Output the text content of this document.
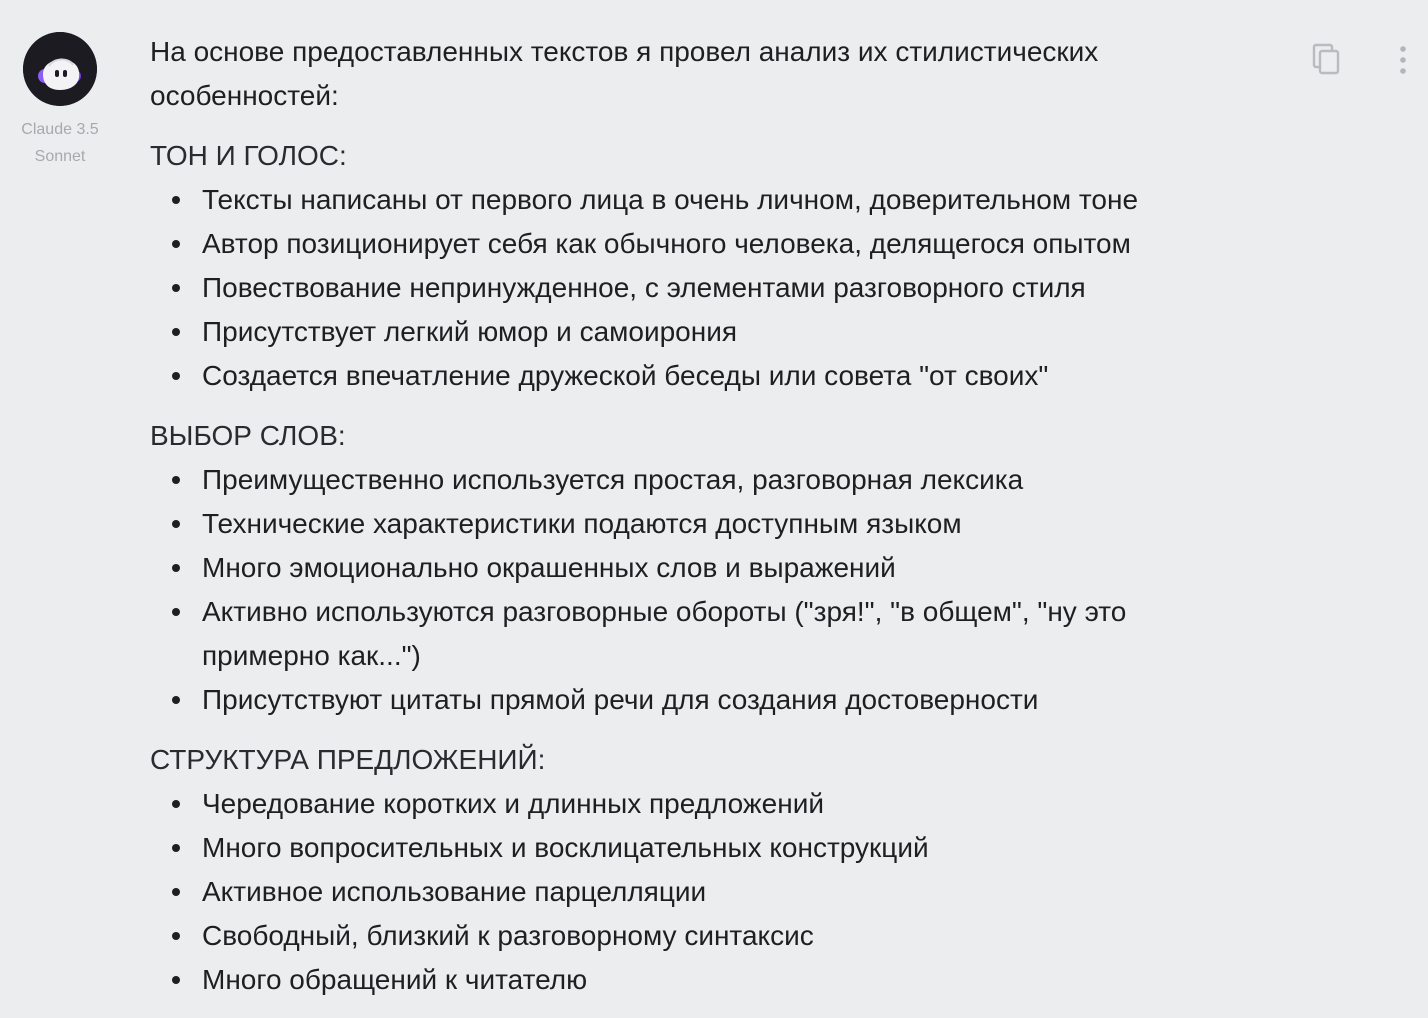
Claude 3.5
Sonnet

На основе предоставленных текстов я провел анализ их стилистических особенностей:

ТОН И ГОЛОС:
Тексты написаны от первого лица в очень личном, доверительном тоне
Автор позиционирует себя как обычного человека, делящегося опытом
Повествование непринужденное, с элементами разговорного стиля
Присутствует легкий юмор и самоирония
Создается впечатление дружеской беседы или совета "от своих"
ВЫБОР СЛОВ:
Преимущественно используется простая, разговорная лексика
Технические характеристики подаются доступным языком
Много эмоционально окрашенных слов и выражений
Активно используются разговорные обороты ("зря!", "в общем", "ну это примерно как...")
Присутствуют цитаты прямой речи для создания достоверности
СТРУКТУРА ПРЕДЛОЖЕНИЙ:
Чередование коротких и длинных предложений
Много вопросительных и восклицательных конструкций
Активное использование парцелляции
Свободный, близкий к разговорному синтаксис
Много обращений к читателю
